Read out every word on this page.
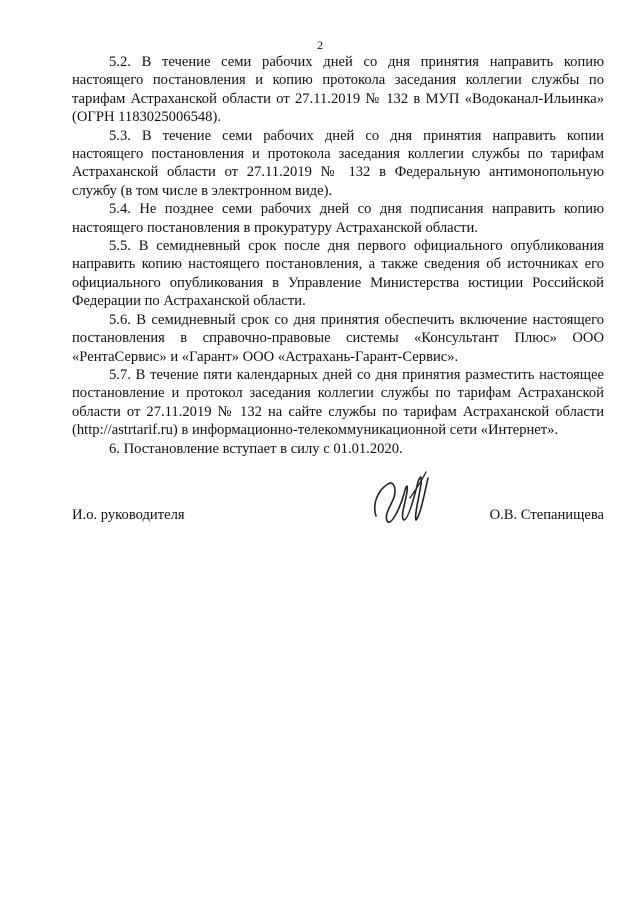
2

5.2. В течение семи рабочих дней со дня принятия направить копию настоящего постановления и копию протокола заседания коллегии службы по тарифам Астраханской области от 27.11.2019 № 132 в МУП «Водоканал-Ильинка» (ОГРН 1183025006548).

5.3. В течение семи рабочих дней со дня принятия направить копии настоящего постановления и протокола заседания коллегии службы по тарифам Астраханской области от 27.11.2019 № 132 в Федеральную антимонопольную службу (в том числе в электронном виде).

5.4. Не позднее семи рабочих дней со дня подписания направить копию настоящего постановления в прокуратуру Астраханской области.

5.5. В семидневный срок после дня первого официального опубликования направить копию настоящего постановления, а также сведения об источниках его официального опубликования в Управление Министерства юстиции Российской Федерации по Астраханской области.

5.6. В семидневный срок со дня принятия обеспечить включение настоящего постановления в справочно-правовые системы «Консультант Плюс» ООО «РентаСервис» и «Гарант» ООО «Астрахань-Гарант-Сервис».

5.7. В течение пяти календарных дней со дня принятия разместить настоящее постановление и протокол заседания коллегии службы по тарифам Астраханской области от 27.11.2019 № 132 на сайте службы по тарифам Астраханской области (http://astrtarif.ru) в информационно-телекоммуникационной сети «Интернет».

6. Постановление вступает в силу с 01.01.2020.

И.о. руководителя	О.В. Степанищева
